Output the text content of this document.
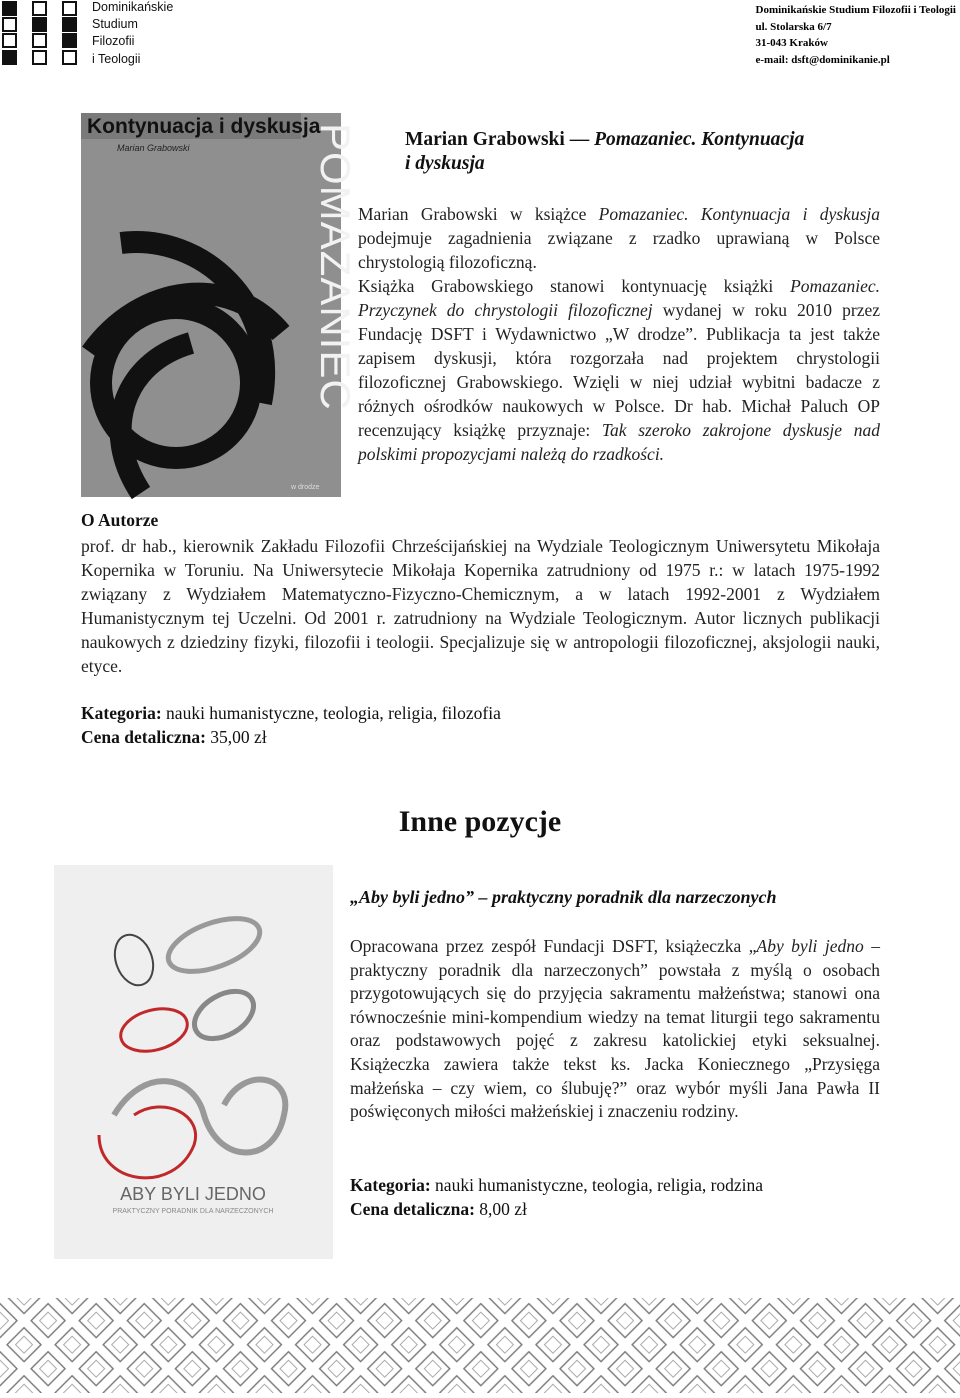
Dominikańskie
Studium
Filozofii
i Teologii
Dominikańskie Studium Filozofii i Teologii
ul. Stolarska 6/7
31-043 Kraków
e-mail: dsft@dominikanie.pl
Kontynuacja i dyskusja
Marian Grabowski	POMAZANIEC
w drodze
Marian Grabowski — Pomazaniec. Kontynuacja
i dyskusja

Marian Grabowski w książce Pomazaniec. Kontynuacja i dyskusja podejmuje zagadnienia związane z rzadko uprawianą w Polsce chrystologią filozoficzną.

Książka Grabowskiego stanowi kontynuację książki Pomazaniec. Przyczynek do chrystologii filozoficznej wydanej w roku 2010 przez Fundację DSFT i Wydawnictwo „W drodze”. Publikacja ta jest także zapisem dyskusji, która rozgorzała nad projektem chrystologii filozoficznej Grabowskiego. Wzięli w niej udział wybitni badacze z różnych ośrodków naukowych w Polsce. Dr hab. Michał Paluch OP recenzujący książkę przyznaje: Tak szeroko zakrojone dyskusje nad polskimi propozycjami należą do rzadkości.

O Autorze
prof. dr hab., kierownik Zakładu Filozofii Chrześcijańskiej na Wydziale Teologicznym Uniwersytetu Mikołaja Kopernika w Toruniu. Na Uniwersytecie Mikołaja Kopernika zatrudniony od 1975 r.: w latach 1975-1992 związany z Wydziałem Matematyczno-Fizyczno-Chemicznym, a w latach 1992-2001 z Wydziałem Humanistycznym tej Uczelni. Od 2001 r. zatrudniony na Wydziale Teologicznym. Autor licznych publikacji naukowych z dziedziny fizyki, filozofii i teologii. Specjalizuje się w antropologii filozoficznej, aksjologii nauki, etyce.
Kategoria: nauki humanistyczne, teologia, religia, filozofia
Cena detaliczna: 35,00 zł
Inne pozycje
ABY BYLI JEDNO
PRAKTYCZNY PORADNIK DLA NARZECZONYCH
„Aby byli jedno” – praktyczny poradnik dla narzeczonych
Opracowana przez zespół Fundacji DSFT, książeczka „Aby byli jedno – praktyczny poradnik dla narzeczonych” powstała z myślą o osobach przygotowujących się do przyjęcia sakramentu małżeństwa; stanowi ona równocześnie mini-kompendium wiedzy na temat liturgii tego sakramentu oraz podstawowych pojęć z zakresu katolickiej etyki seksualnej. Książeczka zawiera także tekst ks. Jacka Koniecznego „Przysięga małżeńska – czy wiem, co ślubuję?” oraz wybór myśli Jana Pawła II poświęconych miłości małżeńskiej i znaczeniu rodziny.
Kategoria: nauki humanistyczne, teologia, religia, rodzina
Cena detaliczna: 8,00 zł
